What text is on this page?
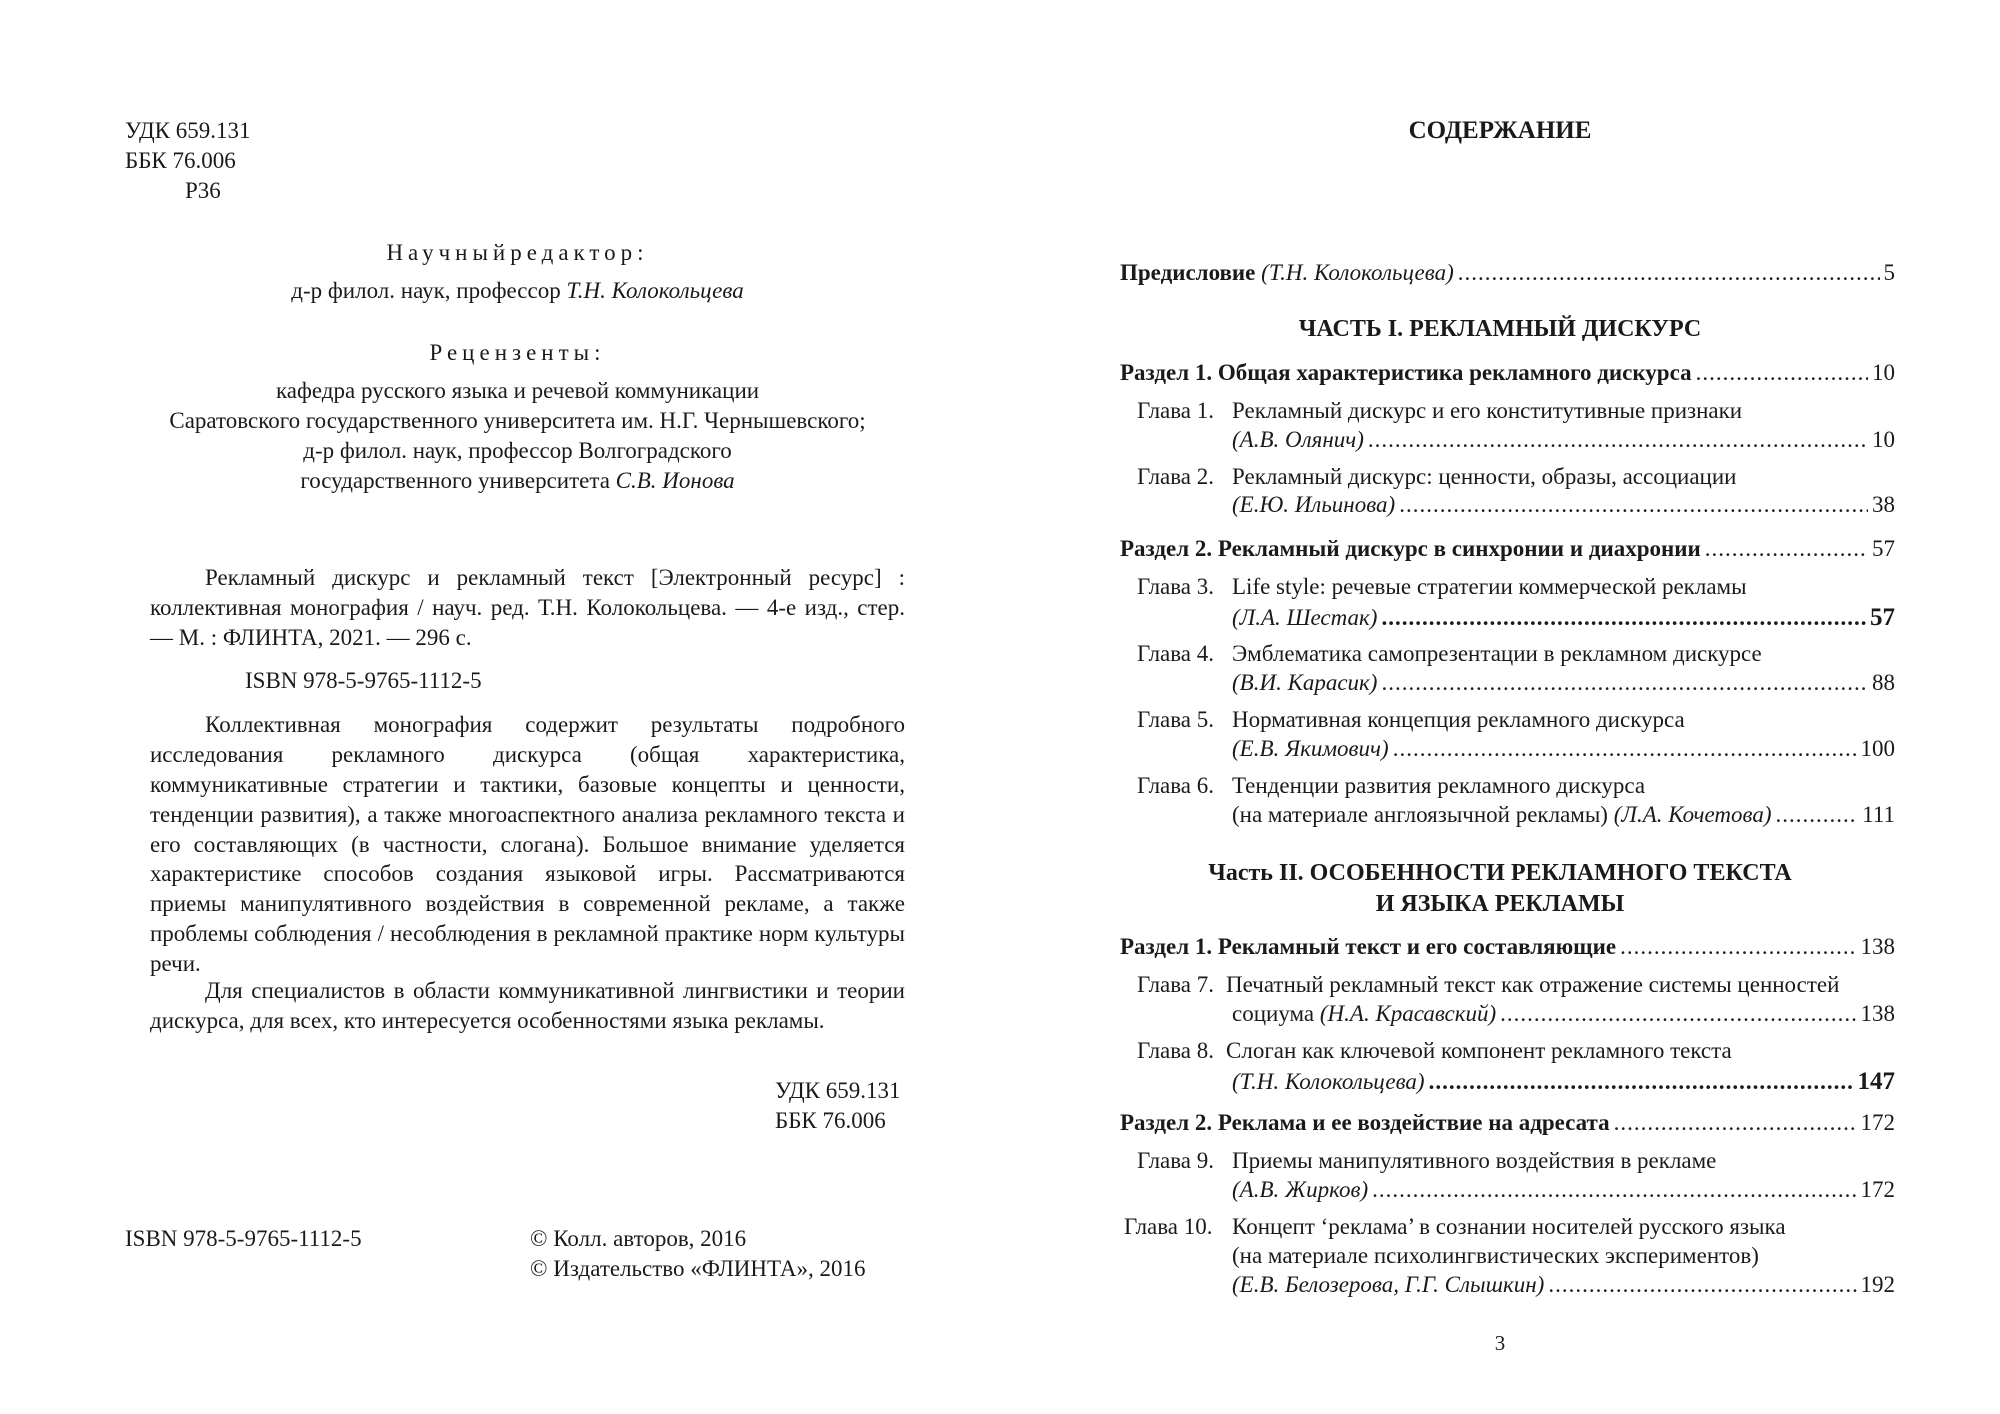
УДК 659.131
ББК 76.006
Р36
Научныйредактор:
д-р филол. наук, профессор Т.Н. Колокольцева
Рецензенты:
кафедра русского языка и речевой коммуникации
Саратовского государственного университета им. Н.Г. Чернышевского;
д-р филол. наук, профессор Волгоградского
государственного университета С.В. Ионова

Рекламный дискурс и рекламный текст [Электронный ресурс] : коллективная монография / науч. ред. Т.Н. Колокольцева. — 4-е изд., стер. — М. : ФЛИНТА, 2021. — 296 с.

ISBN 978-5-9765-1112-5

Коллективная монография содержит результаты подробного исследования рекламного дискурса (общая характеристика, коммуникативные стратегии и тактики, базовые концепты и ценности, тенденции развития), а также многоаспектного анализа рекламного текста и его составляющих (в частности, слогана). Большое внимание уделяется характеристике способов создания языковой игры. Рассматриваются приемы манипулятивного воздействия в современной рекламе, а также проблемы соблюдения / несоблюдения в рекламной практике норм культуры речи.

Для специалистов в области коммуникативной лингвистики и теории дискурса, для всех, кто интересуется особенностями языка рекламы.

УДК 659.131
ББК 76.006
ISBN 978-5-9765-1112-5	© Колл. авторов, 2016
© Издательство «ФЛИНТА», 2016
СОДЕРЖАНИЕ
Предисловие (Т.Н. Колокольцева) .....	5
ЧАСТЬ I. РЕКЛАМНЫЙ ДИСКУРС
Раздел 1. Общая характеристика рекламного дискурса .....	10
Глава 1. Рекламный дискурс и его конститутивные признаки
(А.В. Олянич) .....	10
Глава 2. Рекламный дискурс: ценности, образы, ассоциации
(Е.Ю. Ильинова) .....	38
Раздел 2. Рекламный дискурс в синхронии и диахронии .....	57
Глава 3. Life style: речевые стратегии коммерческой рекламы
(Л.А. Шестак) .....	57
Глава 4. Эмблематика самопрезентации в рекламном дискурсе
(В.И. Карасик) .....	88
Глава 5. Нормативная концепция рекламного дискурса
(Е.В. Якимович) .....	100
Глава 6. Тенденции развития рекламного дискурса
(на материале англоязычной рекламы) (Л.А. Кочетова) .....	111
Часть II. ОСОБЕННОСТИ РЕКЛАМНОГО ТЕКСТА
И ЯЗЫКА РЕКЛАМЫ
Раздел 1. Рекламный текст и его составляющие .....	138
Глава 7. Печатный рекламный текст как отражение системы ценностей
социума (Н.А. Красавский) .....	138
Глава 8. Слоган как ключевой компонент рекламного текста
(Т.Н. Колокольцева) .....	147
Раздел 2. Реклама и ее воздействие на адресата .....	172
Глава 9. Приемы манипулятивного воздействия в рекламе
(А.В. Жирков) .....	172
Глава 10. Концепт ‘реклама’ в сознании носителей русского языка
(на материале психолингвистических экспериментов)
(Е.В. Белозерова, Г.Г. Слышкин) .....	192
3
